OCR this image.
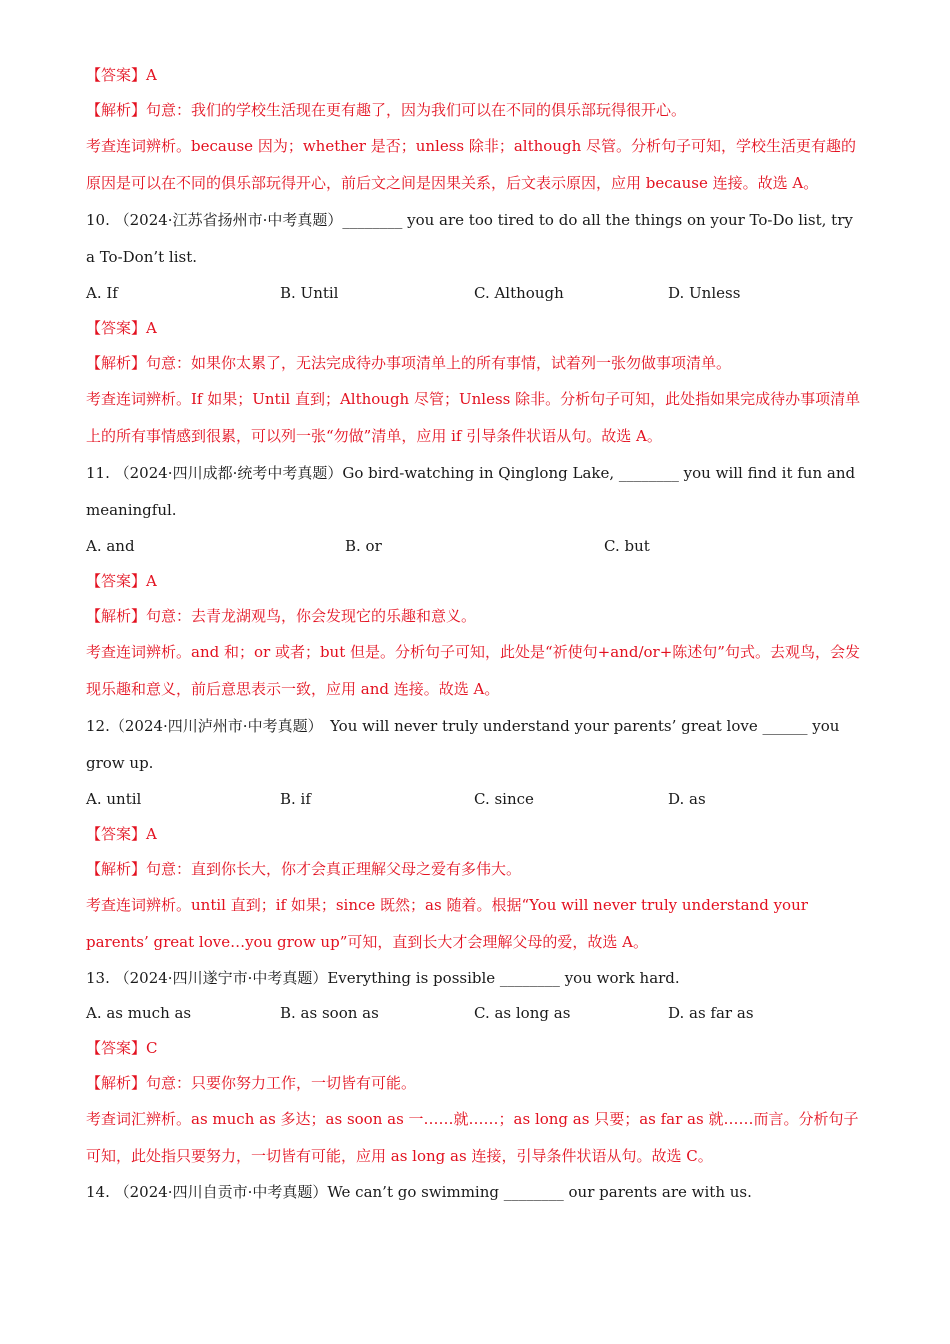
【答案】A
【解析】句意：我们的学校生活现在更有趣了，因为我们可以在不同的俱乐部玩得很开心。
考查连词辨析。because 因为；whether 是否；unless 除非；although 尽管。分析句子可知，学校生活更有趣的原因是可以在不同的俱乐部玩得开心，前后文之间是因果关系，后文表示原因，应用 because 连接。故选 A。
10. （2024·江苏省扬州市·中考真题）________ you are too tired to do all the things on your To-Do list, try a To-Don’t list.
A. If	B. Until	C. Although	D. Unless
【答案】A
【解析】句意：如果你太累了，无法完成待办事项清单上的所有事情，试着列一张勿做事项清单。
考查连词辨析。If 如果；Until 直到；Although 尽管；Unless 除非。分析句子可知，此处指如果完成待办事项清单上的所有事情感到很累，可以列一张“勿做”清单，应用 if 引导条件状语从句。故选 A。
11. （2024·四川成都·统考中考真题）Go bird-watching in Qinglong Lake, ________ you will find it fun and meaningful.
A. and	B. or	C. but
【答案】A
【解析】句意：去青龙湖观鸟，你会发现它的乐趣和意义。
考查连词辨析。and 和；or 或者；but 但是。分析句子可知，此处是“祈使句+and/or+陈述句”句式。去观鸟，会发现乐趣和意义，前后意思表示一致，应用 and 连接。故选 A。
12.（2024·四川泸州市·中考真题）　You will never truly understand your parents’ great love ______ you grow up.
A. until	B. if	C. since	D. as
【答案】A
【解析】句意：直到你长大，你才会真正理解父母之爱有多伟大。
考查连词辨析。until 直到；if 如果；since 既然；as 随着。根据“You will never truly understand your parents’ great love…you grow up”可知，直到长大才会理解父母的爱，故选 A。
13. （2024·四川遂宁市·中考真题）Everything is possible ________ you work hard.
A. as much as	B. as soon as	C. as long as	D. as far as
【答案】C
【解析】句意：只要你努力工作，一切皆有可能。
考查词汇辨析。as much as 多达；as soon as 一……就……；as long as 只要；as far as 就……而言。分析句子可知，此处指只要努力，一切皆有可能，应用 as long as 连接，引导条件状语从句。故选 C。
14. （2024·四川自贡市·中考真题）We can’t go swimming ________ our parents are with us.
